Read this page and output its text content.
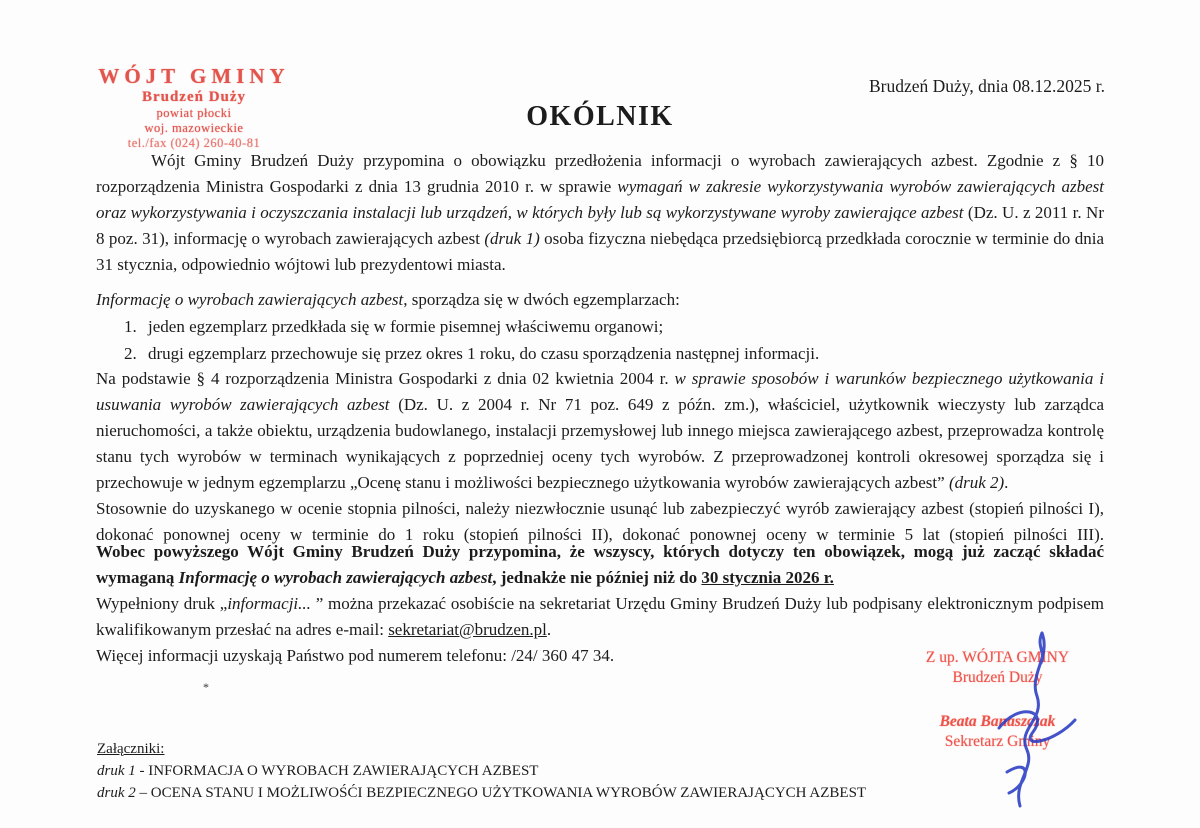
WÓJT GMINY
Brudzeń Duży
powiat płocki
woj. mazowieckie
tel./fax (024) 260-40-81
Brudzeń Duży, dnia 08.12.2025 r.
OKÓLNIK

Wójt Gminy Brudzeń Duży przypomina o obowiązku przedłożenia informacji o wyrobach zawierających azbest. Zgodnie z § 10 rozporządzenia Ministra Gospodarki z dnia 13 grudnia 2010 r. w sprawie wymagań w zakresie wykorzystywania wyrobów zawierających azbest oraz wykorzystywania i oczyszczania instalacji lub urządzeń, w których były lub są wykorzystywane wyroby zawierające azbest (Dz. U. z 2011 r. Nr 8 poz. 31), informację o wyrobach zawierających azbest (druk 1) osoba fizyczna niebędąca przedsiębiorcą przedkłada corocznie w terminie do dnia 31 stycznia, odpowiednio wójtowi lub prezydentowi miasta.

Informację o wyrobach zawierających azbest, sporządza się w dwóch egzemplarzach:

1. jeden egzemplarz przedkłada się w formie pisemnej właściwemu organowi;
2. drugi egzemplarz przechowuje się przez okres 1 roku, do czasu sporządzenia następnej informacji.

Na podstawie § 4 rozporządzenia Ministra Gospodarki z dnia 02 kwietnia 2004 r. w sprawie sposobów i warunków bezpiecznego użytkowania i usuwania wyrobów zawierających azbest (Dz. U. z 2004 r. Nr 71 poz. 649 z późn. zm.), właściciel, użytkownik wieczysty lub zarządca nieruchomości, a także obiektu, urządzenia budowlanego, instalacji przemysłowej lub innego miejsca zawierającego azbest, przeprowadza kontrolę stanu tych wyrobów w terminach wynikających z poprzedniej oceny tych wyrobów. Z przeprowadzonej kontroli okresowej sporządza się i przechowuje w jednym egzemplarzu „Ocenę stanu i możliwości bezpiecznego użytkowania wyrobów zawierających azbest” (druk 2).

Stosownie do uzyskanego w ocenie stopnia pilności, należy niezwłocznie usunąć lub zabezpieczyć wyrób zawierający azbest (stopień pilności I), dokonać ponownej oceny w terminie do 1 roku (stopień pilności II), dokonać ponownej oceny w terminie 5 lat (stopień pilności III).

Wobec powyższego Wójt Gminy Brudzeń Duży przypomina, że wszyscy, których dotyczy ten obowiązek, mogą już zacząć składać wymaganą Informację o wyrobach zawierających azbest, jednakże nie później niż do 30 stycznia 2026 r.

Wypełniony druk „informacji... ” można przekazać osobiście na sekretariat Urzędu Gminy Brudzeń Duży lub podpisany elektronicznym podpisem kwalifikowanym przesłać na adres e-mail: sekretariat@brudzen.pl.

Więcej informacji uzyskają Państwo pod numerem telefonu: /24/ 360 47 34.

*
Z up. WÓJTA GMINY
Brudzeń Duży
Beata Banaszczak
Sekretarz Gminy
Załączniki:
druk 1 - INFORMACJA O WYROBACH ZAWIERAJĄCYCH AZBEST
druk 2 – OCENA STANU I MOŻLIWOŚĆI BEZPIECZNEGO UŻYTKOWANIA WYROBÓW ZAWIERAJĄCYCH AZBEST
